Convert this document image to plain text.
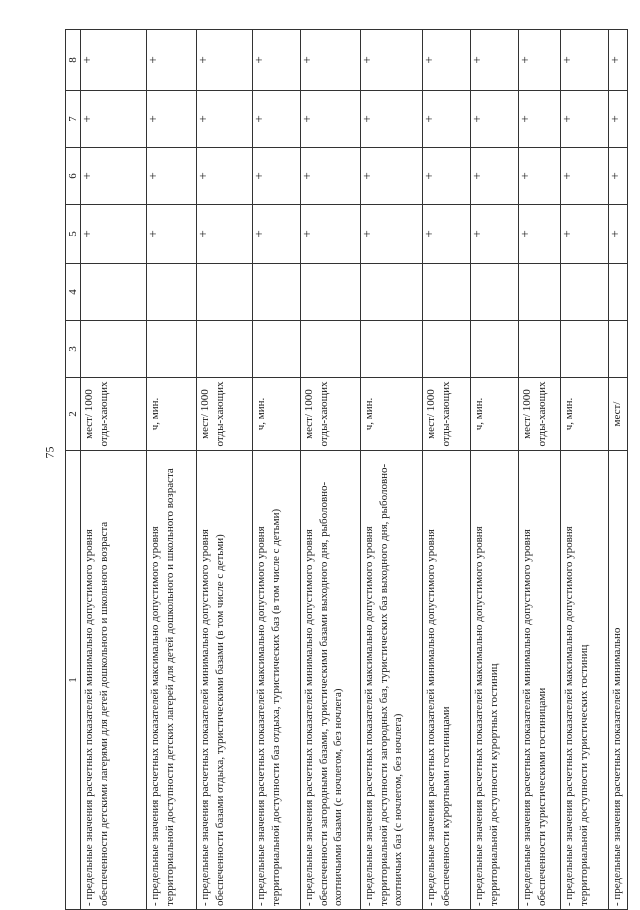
75
1	2	3	4	5	6	7	8
- предельные значения расчетных показателей минимально допустимого уровня обеспеченности детскими лагерями для детей дошкольного и школьного возраста	мест/ 1000 отды-хающих			+	+	+	+
- предельные значения расчетных показателей максимально допустимого уровня территориальной доступности детских лагерей для детей дошкольного и школьного возраста	ч, мин.			+	+	+	+
- предельные значения расчетных показателей минимально допустимого уровня обеспеченности базами отдыха, туристическими базами (в том числе с детьми)	мест/ 1000 отды-хающих			+	+	+	+
- предельные значения расчетных показателей максимально допустимого уровня территориальной доступности баз отдыха, туристических баз (в том числе с детьми)	ч, мин.			+	+	+	+
- предельные значения расчетных показателей минимально допустимого уровня обеспеченности загородными базами, туристическими базами выходного дня, рыболовно-охотничьими базами (с ночлегом, без ночлега)	мест/ 1000 отды-хающих			+	+	+	+
- предельные значения расчетных показателей максимально допустимого уровня территориальной доступности загородных баз, туристических баз выходного дня, рыболовно-охотничьих баз (с ночлегом, без ночлега)	ч, мин.			+	+	+	+
- предельные значения расчетных показателей минимально допустимого уровня обеспеченности курортными гостиницами	мест/ 1000 отды-хающих			+	+	+	+
- предельные значения расчетных показателей максимально допустимого уровня территориальной доступности курортных гостиниц	ч, мин.			+	+	+	+
- предельные значения расчетных показателей минимально допустимого уровня обеспеченности туристическими гостиницами	мест/ 1000 отды-хающих			+	+	+	+
- предельные значения расчетных показателей максимально допустимого уровня территориальной доступности туристических гостиниц	ч, мин.			+	+	+	+
- предельные значения расчетных показателей минимально	мест/			+	+	+	+
